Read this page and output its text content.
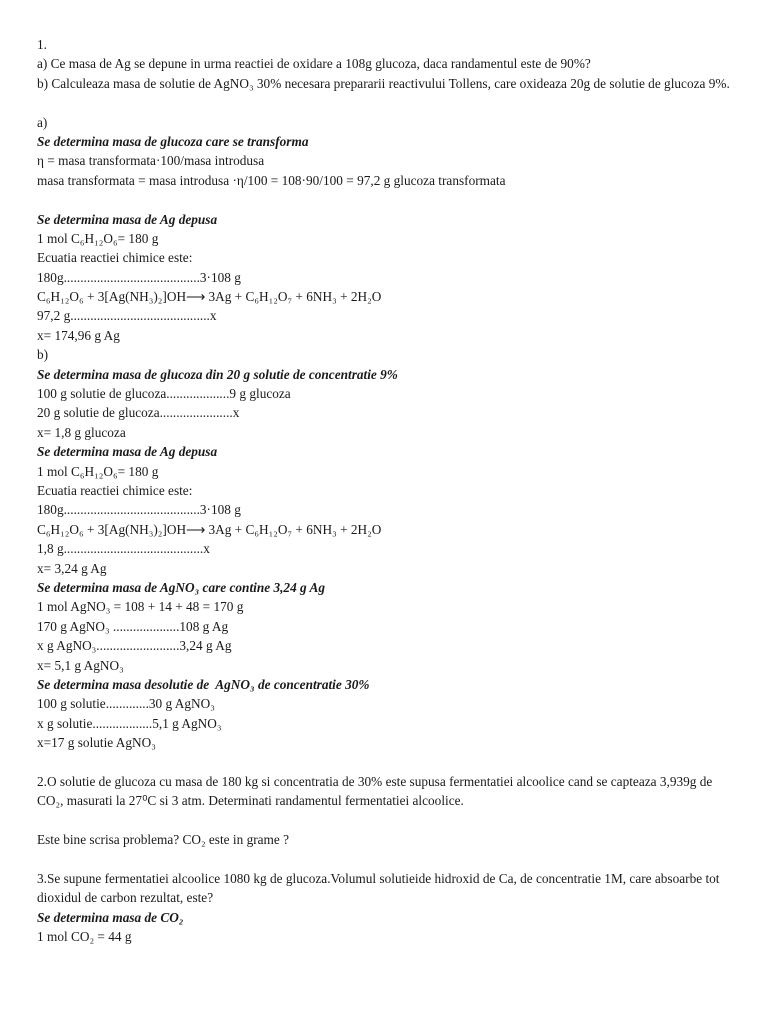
1.
a) Ce masa de Ag se depune in urma reactiei de oxidare a 108g glucoza, daca randamentul este de 90%?
b) Calculeaza masa de solutie de AgNO₃ 30% necesara prepararii reactivului Tollens, care oxideaza 20g de solutie de glucoza 9%.
a)
Se determina masa de glucoza care se transforma
η = masa transformata·100/masa introdusa
masa transformata = masa introdusa ·η/100 = 108·90/100 = 97,2 g glucoza transformata
Se determina masa de Ag depusa
1 mol C₆H₁₂O₆= 180 g
Ecuatia reactiei chimice este:
180g.........................................3·108 g
C₆H₁₂O₆ + 3[Ag(NH₃)₂]OH⟶ 3Ag + C₆H₁₂O₇ + 6NH₃ + 2H₂O
97,2 g..........................................x
x= 174,96 g Ag
b)
Se determina masa de glucoza din 20 g solutie de concentratie 9%
100 g solutie de glucoza...................9 g glucoza
20 g solutie de glucoza......................x
x= 1,8 g glucoza
Se determina masa de Ag depusa
1 mol C₆H₁₂O₆= 180 g
Ecuatia reactiei chimice este:
180g.........................................3·108 g
C₆H₁₂O₆ + 3[Ag(NH₃)₂]OH⟶ 3Ag + C₆H₁₂O₇ + 6NH₃ + 2H₂O
1,8 g..........................................x
x= 3,24 g Ag
Se determina masa de AgNO₃ care contine 3,24 g Ag
1 mol AgNO₃ = 108 + 14 + 48 = 170 g
170 g AgNO₃ ....................108 g Ag
x g AgNO₃.........................3,24 g Ag
x= 5,1 g AgNO₃
Se determina masa desolutie de  AgNO₃ de concentratie 30%
100 g solutie.............30 g AgNO₃
x g solutie..................5,1 g AgNO₃
x=17 g solutie AgNO₃
2.O solutie de glucoza cu masa de 180 kg si concentratia de 30% este supusa fermentatiei alcoolice cand se capteaza 3,939g de CO₂, masurati la 27⁰C si 3 atm. Determinati randamentul fermentatiei alcoolice.
Este bine scrisa problema? CO₂ este in grame ?
3.Se supune fermentatiei alcoolice 1080 kg de glucoza.Volumul solutieide hidroxid de Ca, de concentratie 1M, care absoarbe tot dioxidul de carbon rezultat, este?
Se determina masa de CO₂
1 mol CO₂ = 44 g
